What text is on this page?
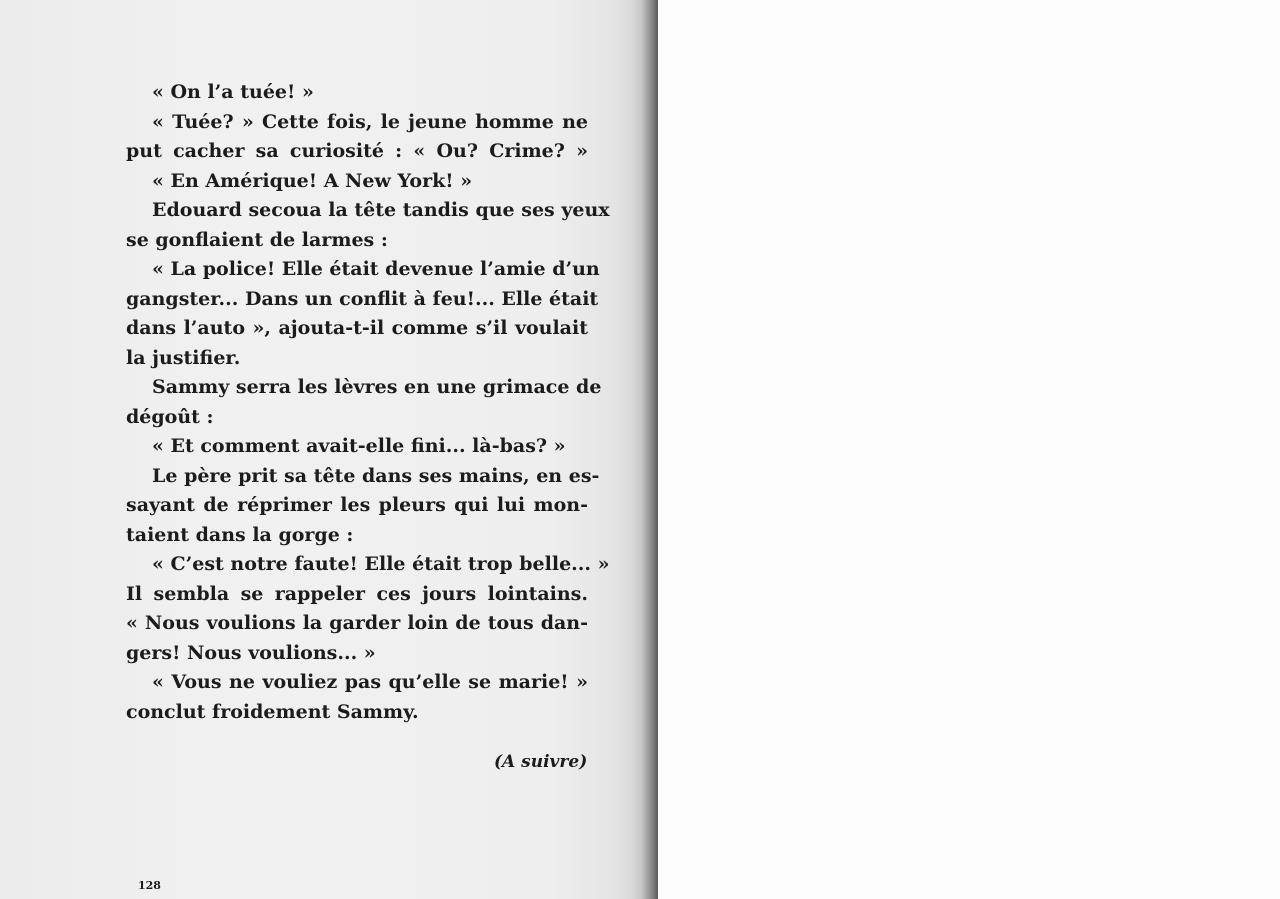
« On l’a tuée! »
« Tuée? » Cette fois, le jeune homme ne
put cacher sa curiosité : « Ou? Crime? »
« En Amérique! A New York! »
Edouard secoua la tête tandis que ses yeux
se gonflaient de larmes :
« La police! Elle était devenue l’amie d’un
gangster... Dans un conflit à feu!... Elle était
dans l’auto », ajouta-t-il comme s’il voulait
la justifier.
Sammy serra les lèvres en une grimace de
dégoût :
« Et comment avait-elle fini... là-bas? »
Le père prit sa tête dans ses mains, en es-
sayant de réprimer les pleurs qui lui mon-
taient dans la gorge :
« C’est notre faute! Elle était trop belle... »
Il sembla se rappeler ces jours lointains.
« Nous voulions la garder loin de tous dan-
gers! Nous voulions... »
« Vous ne vouliez pas qu’elle se marie! »
conclut froidement Sammy.
(A suivre)
128
